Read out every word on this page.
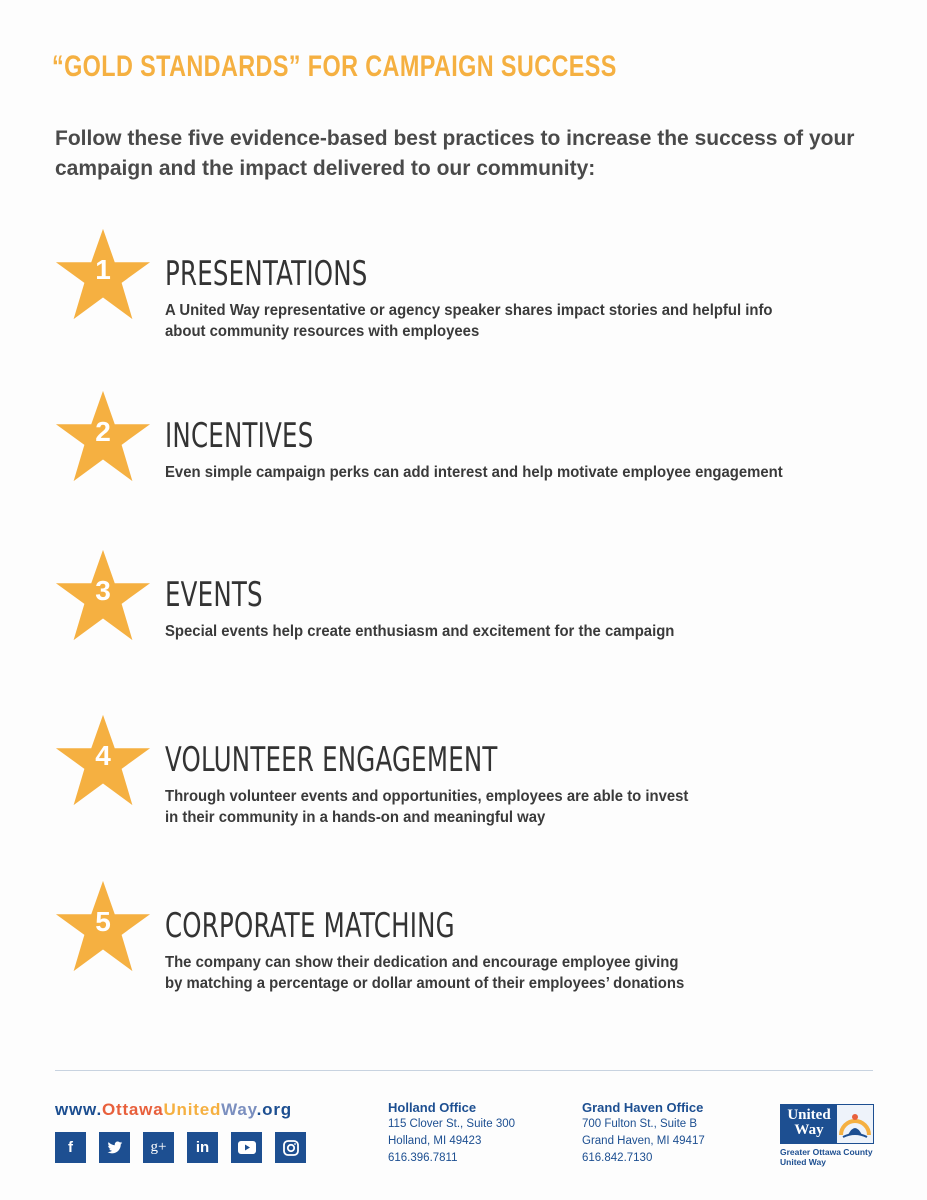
“GOLD STANDARDS” FOR CAMPAIGN SUCCESS
Follow these five evidence-based best practices to increase the success of your campaign and the impact delivered to our community:
1	PRESENTATIONS
A United Way representative or agency speaker shares impact stories and helpful info
about community resources with employees
2	INCENTIVES
Even simple campaign perks can add interest and help motivate employee engagement
3	EVENTS
Special events help create enthusiasm and excitement for the campaign
4	VOLUNTEER ENGAGEMENT
Through volunteer events and opportunities, employees are able to invest
in their community in a hands-on and meaningful way
5	CORPORATE MATCHING
The company can show their dedication and encourage employee giving
by matching a percentage or dollar amount of their employees’ donations
www.OttawaUnitedWay.org
f	g+	in
Holland Office
115 Clover St., Suite 300
Holland, MI 49423
616.396.7811
Grand Haven Office
700 Fulton St., Suite B
Grand Haven, MI 49417
616.842.7130
United
Way
Greater Ottawa County
United Way
